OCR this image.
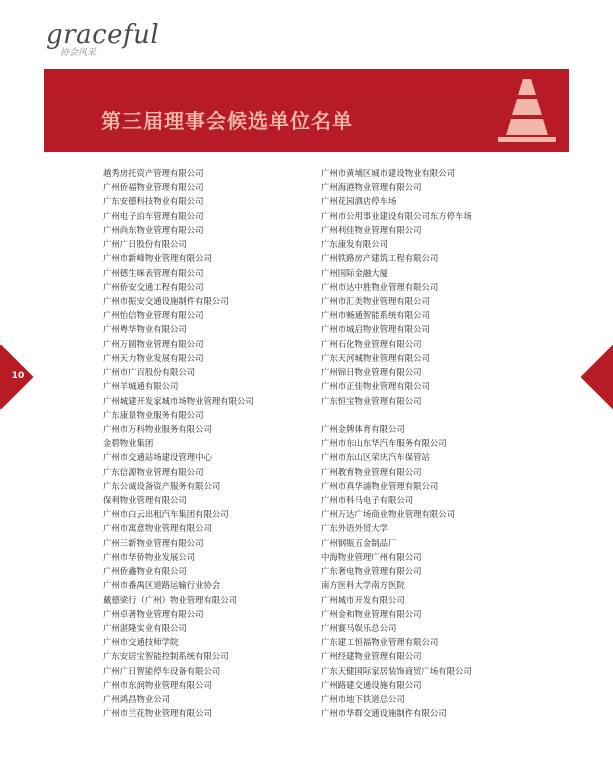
graceful
协会风采
第三届理事会候选单位名单
越秀房托资产管理有限公司
广州侨福物业管理有限公司
广东安德科技物业有限公司
广州电子泊车管理有限公司
广州尚东物业管理有限公司
广州广日股份有限公司
广州市新峰物业管理有限公司
广州德生咪表管理有限公司
广州侨安交通工程有限公司
广州市振安交通设施制件有限公司
广州怡信物业管理有限公司
广州粤华物业有限公司
广州万圆物业管理有限公司
广州天力物业发展有限公司
广州市广百股份有限公司
广州羊城通有限公司
广州城建开发家城市场物业管理有限公司
广东康景物业服务有限公司
广州市万科物业服务有限公司
金碧物业集团
广州市交通站场建设管理中心
广东信源物业管理有限公司
广东公诚设备资产服务有限公司
保利物业管理有限公司
广州市白云出租汽车集团有限公司
广州市寓意物业管理有限公司
广州三新物业管理有限公司
广州市华侨物业发展公司
广州侨鑫物业有限公司
广州市番禺区道路运输行业协会
戴德梁行（广州）物业管理有限公司
广州卓著物业管理有限公司
广州湛隆实业有限公司
广州市交通技师学院
广东安居宝智能控制系统有限公司
广州广日智能停车设备有限公司
广州市东润物业管理有限公司
广州鸿昌物业公司
广州市兰花物业管理有限公司
广州市黄埔区城市建设物业有限公司
广州海港物业管理有限公司
广州花园酒店停车场
广州市公用事业建设有限公司东方停车场
广州利佳物业管理有限公司
广东康发有限公司
广州铁路房产建筑工程有限公司
广州国际金融大厦
广州市达中胜物业管理有限公司
广州市汇美物业管理有限公司
广州市畅通智能系统有限公司
广州市城启物业管理有限公司
广州石化物业管理有限公司
广东天河城物业管理有限公司
广州锦日物业管理有限公司
广州市正佳物业管理有限公司
广东恒宝物业管理有限公司
广州金牌体育有限公司
广州市东山东华汽车服务有限公司
广州市东山区荣庆汽车保管站
广州教育物业管理有限公司
广州市真华浦物业管理有限公司
广州市科马电子有限公司
广州万达广场商业物业管理有限公司
广东外语外贸大学
广州钢瓶五金制品厂
中海物业管理广州有限公司
广东奢电物业管理有限公司
南方医科大学南方医院
广州城市开发有限公司
广州金和物业管理有限公司
广州赛马娱乐总公司
广东建工恒福物业管理有限公司
广州经建物业管理有限公司
广东天健国际家居装饰商贸广场有限公司
广州路建交通设施有限公司
广州市地下铁道总公司
广州市华群交通设施制件有限公司
10
